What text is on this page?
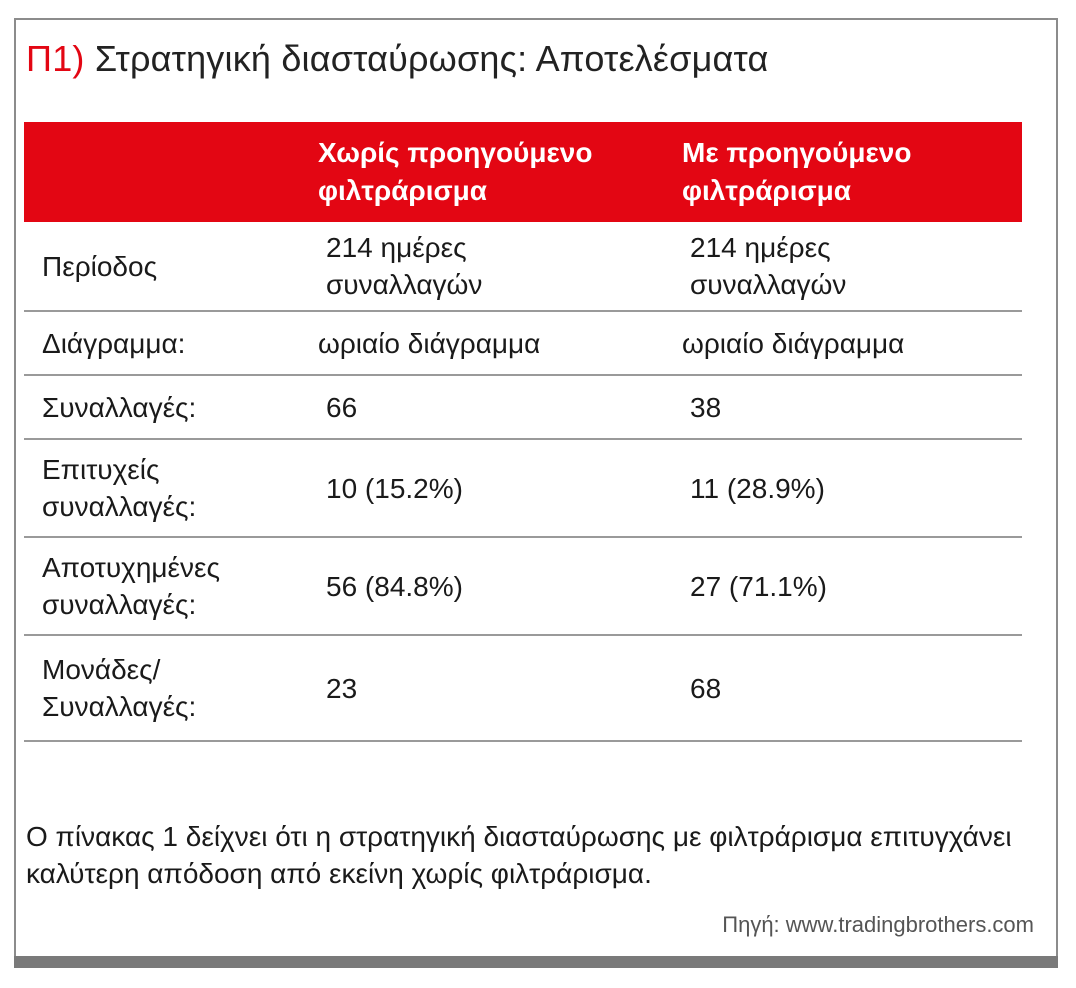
Π1) Στρατηγική διασταύρωσης: Αποτελέσματα
	Χωρίς προηγούμενο φιλτράρισμα	Με προηγούμενο φιλτράρισμα
Περίοδος	214 ημέρες συναλλαγών	214 ημέρες συναλλαγών
Διάγραμμα:	ωριαίο διάγραμμα	ωριαίο διάγραμμα
Συναλλαγές:	66	38
Επιτυχείς συναλλαγές:	10 (15.2%)	11 (28.9%)
Αποτυχημένες συναλλαγές:	56 (84.8%)	27 (71.1%)
Μονάδες/ Συναλλαγές:	23	68
Ο πίνακας 1 δείχνει ότι η στρατηγική διασταύρωσης με φιλτράρισμα επιτυγχάνει καλύτερη απόδοση από εκείνη χωρίς φιλτράρισμα.
Πηγή: www.tradingbrothers.com
